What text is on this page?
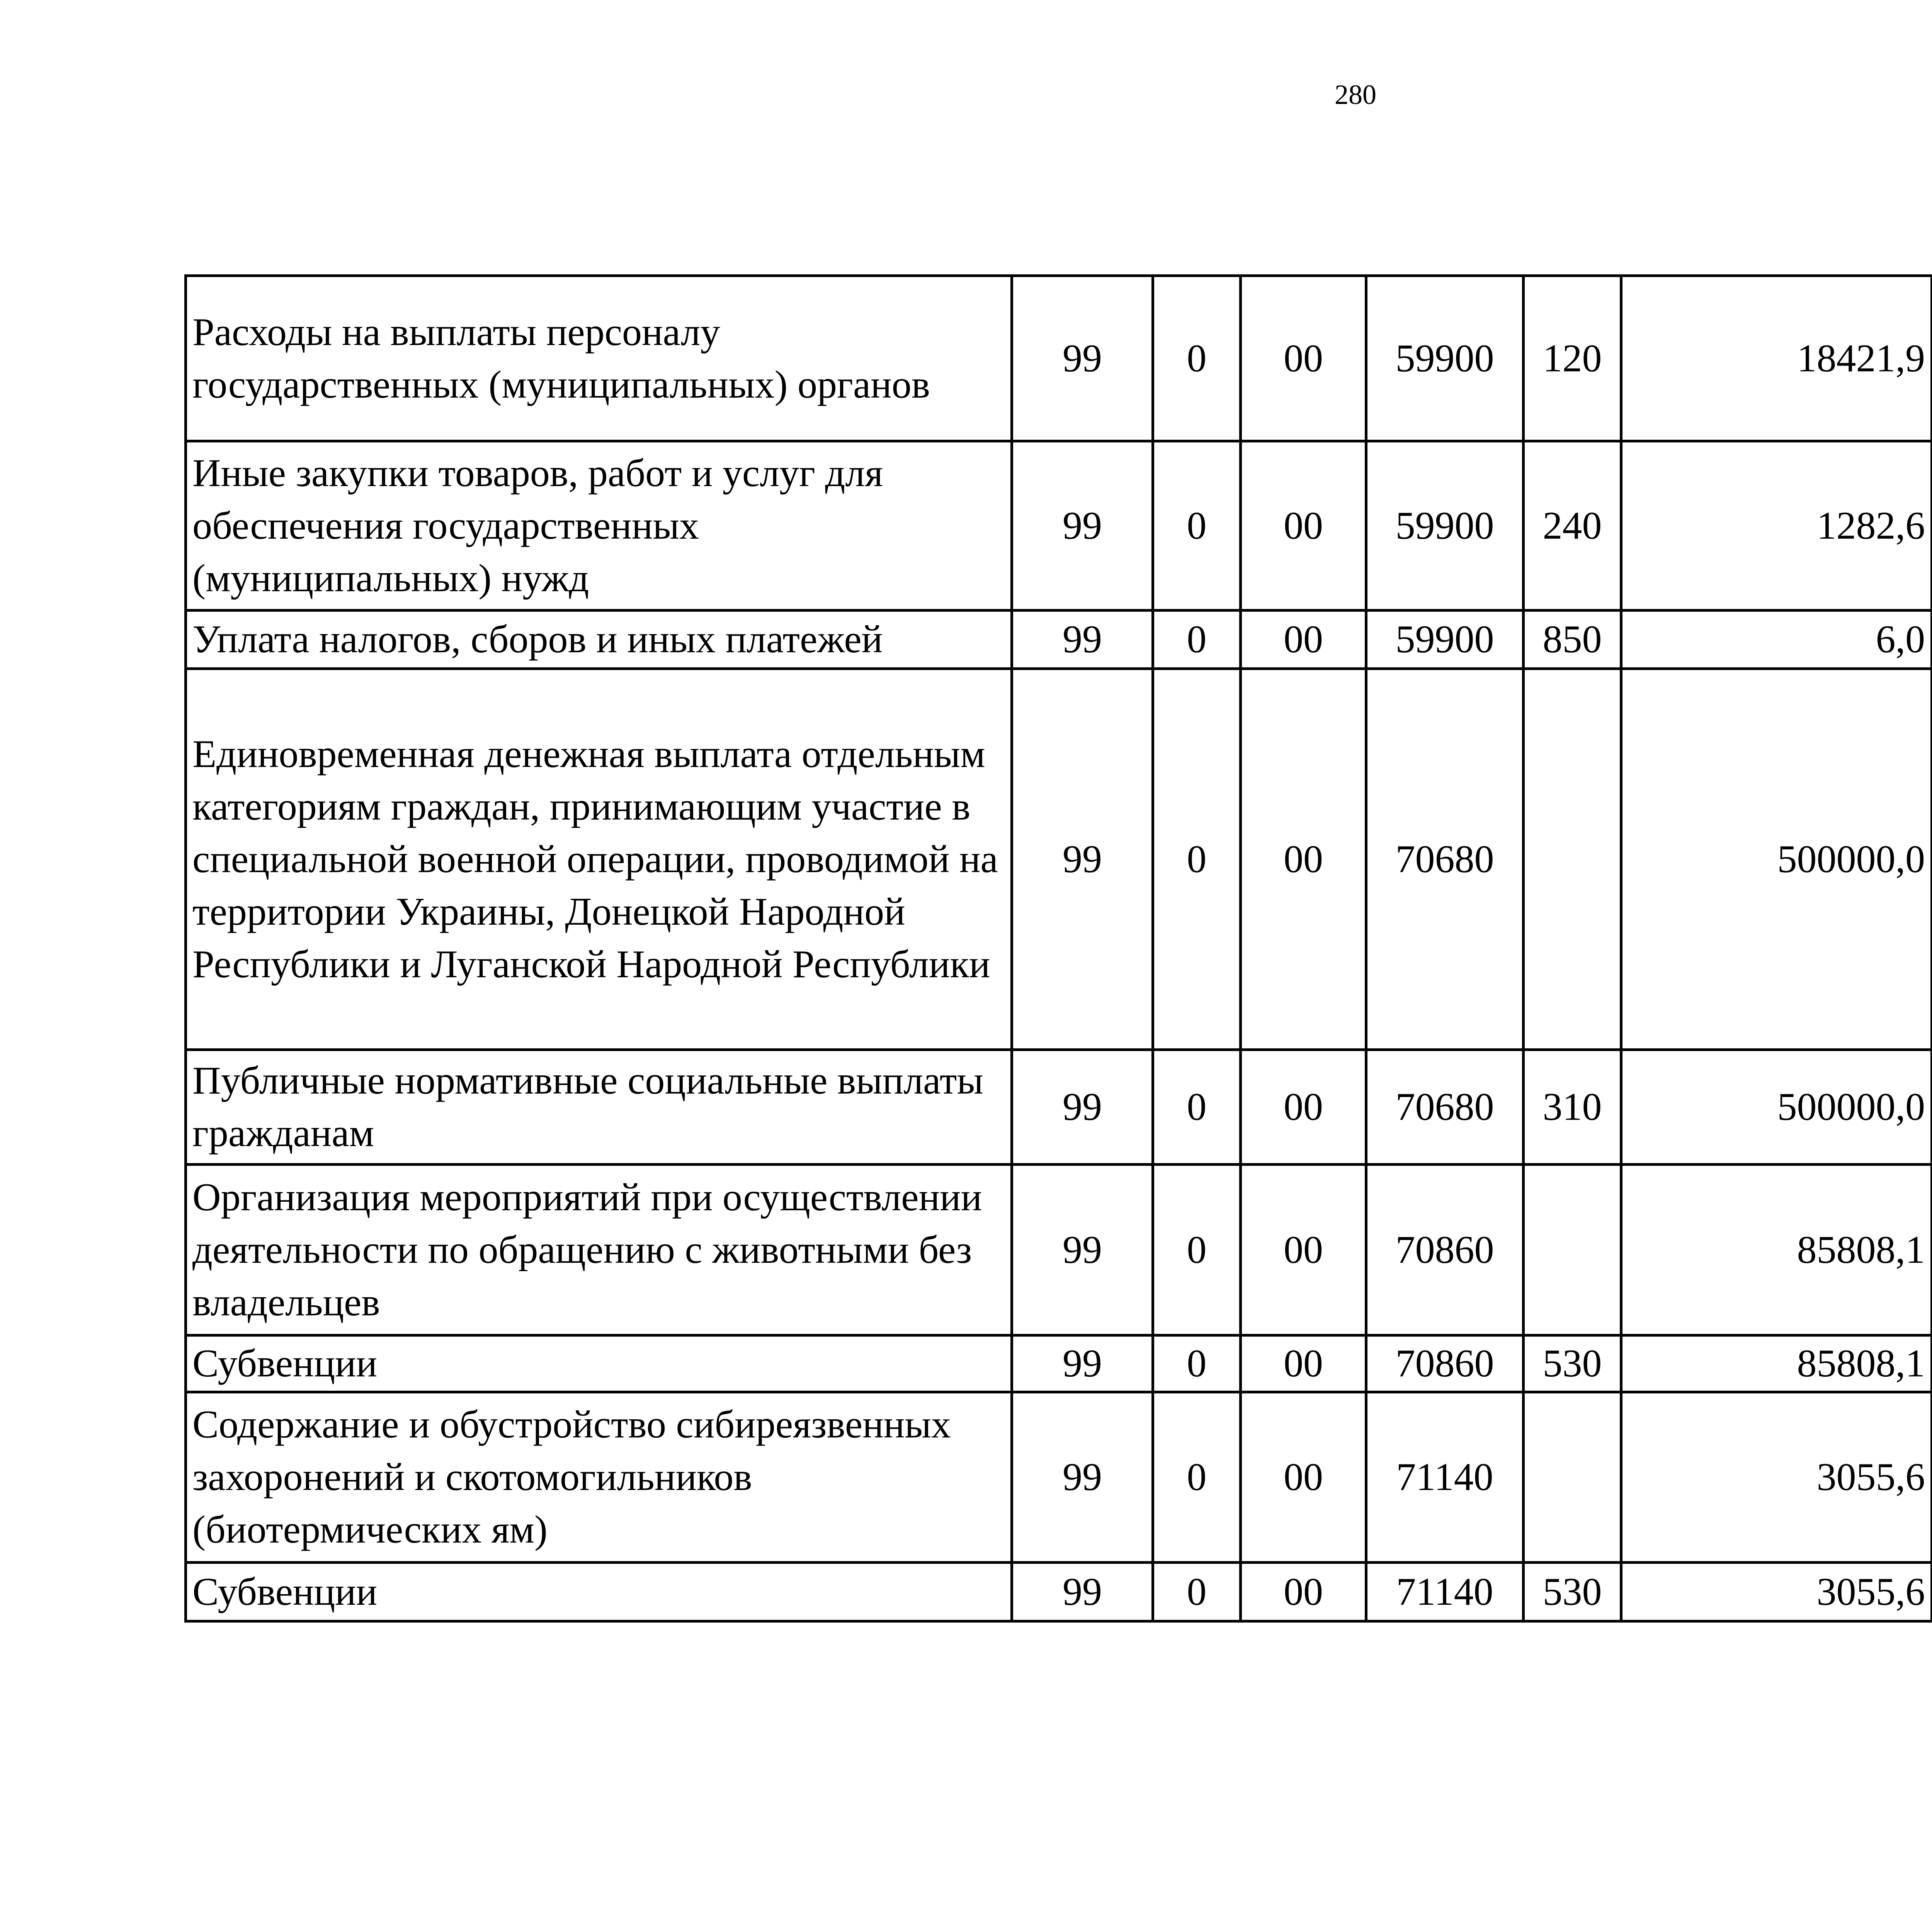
280
Расходы на выплаты персоналу государственных (муниципальных) органов	99	0	00	59900	120	18421,9		
Иные закупки товаров, работ и услуг для обеспечения государственных (муниципальных) нужд	99	0	00	59900	240	1282,6		
Уплата налогов, сборов и иных платежей	99	0	00	59900	850	6,0		
Единовременная денежная выплата отдельным категориям граждан, принимающим участие в специальной военной операции, проводимой на территории Украины, Донецкой Народной Республики и Луганской Народной Республики	99	0	00	70680		500000,0		
Публичные нормативные социальные выплаты гражданам	99	0	00	70680	310	500000,0		
Организация мероприятий при осуществлении деятельности по обращению с животными без владельцев	99	0	00	70860		85808,1		
Субвенции	99	0	00	70860	530	85808,1		
Содержание и обустройство сибиреязвенных захоронений и скотомогильников (биотермических ям)	99	0	00	71140		3055,6		
Субвенции	99	0	00	71140	530	3055,6		
